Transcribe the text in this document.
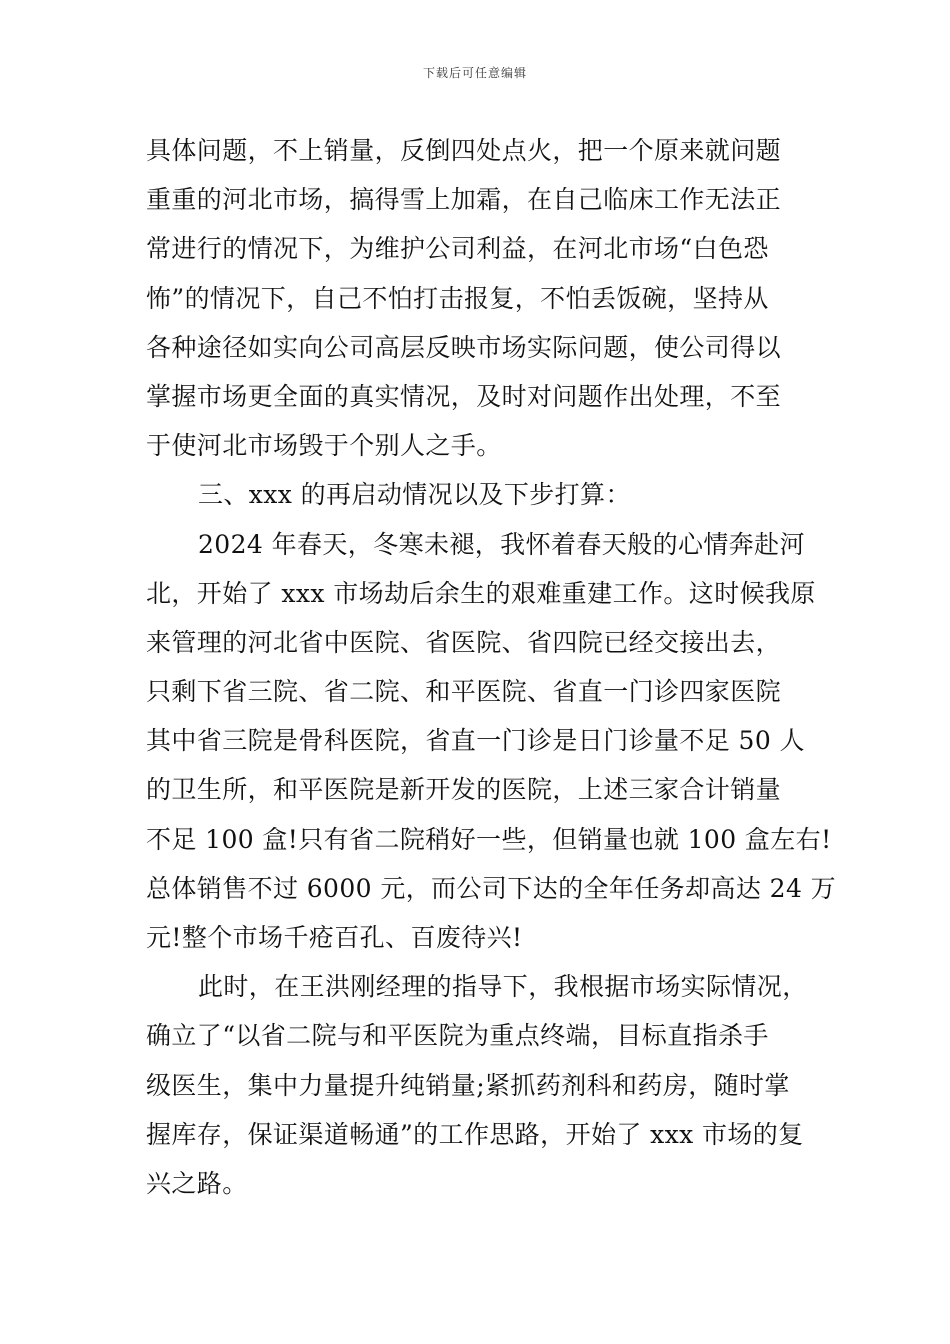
下载后可任意编辑
具体问题，不上销量，反倒四处点火，把一个原来就问题
重重的河北市场，搞得雪上加霜，在自己临床工作无法正
常进行的情况下，为维护公司利益，在河北市场“白色恐
怖”的情况下，自己不怕打击报复，不怕丢饭碗，坚持从
各种途径如实向公司高层反映市场实际问题，使公司得以
掌握市场更全面的真实情况，及时对问题作出处理，不至
于使河北市场毁于个别人之手。
三、xxx 的再启动情况以及下步打算：
2024 年春天，冬寒未褪，我怀着春天般的心情奔赴河
北，开始了 xxx 市场劫后余生的艰难重建工作。这时候我原
来管理的河北省中医院、省医院、省四院已经交接出去，
只剩下省三院、省二院、和平医院、省直一门诊四家医院
其中省三院是骨科医院，省直一门诊是日门诊量不足 50 人
的卫生所，和平医院是新开发的医院，上述三家合计销量
不足 100 盒!只有省二院稍好一些，但销量也就 100 盒左右!
总体销售不过 6000 元，而公司下达的全年任务却高达 24 万
元!整个市场千疮百孔、百废待兴!
此时，在王洪刚经理的指导下，我根据市场实际情况，
确立了“以省二院与和平医院为重点终端，目标直指杀手
级医生，集中力量提升纯销量;紧抓药剂科和药房，随时掌
握库存，保证渠道畅通”的工作思路，开始了 xxx 市场的复
兴之路。
